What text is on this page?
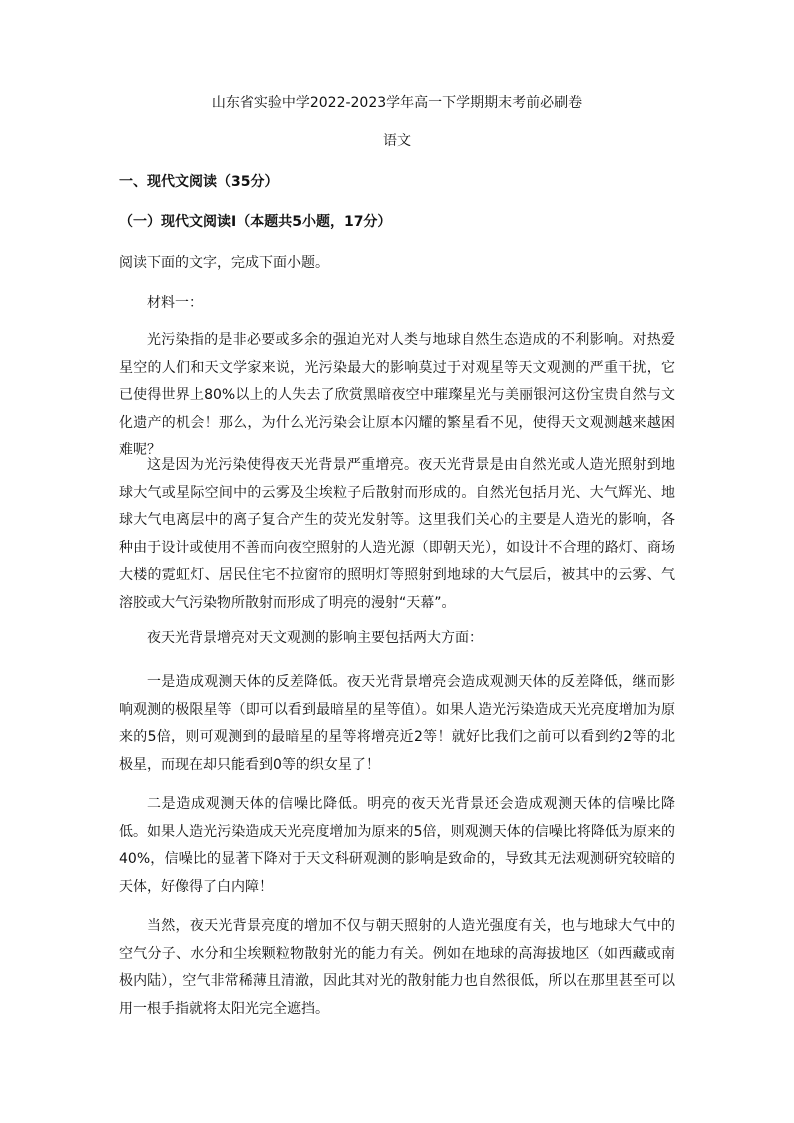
山东省实验中学2022-2023学年高一下学期期末考前必刷卷
语文
一、现代文阅读（35分）
（一）现代文阅读Ⅰ（本题共5小题，17分）
阅读下面的文字，完成下面小题。
材料一：

光污染指的是非必要或多余的强迫光对人类与地球自然生态造成的不利影响。对热爱星空的人们和天文学家来说，光污染最大的影响莫过于对观星等天文观测的严重干扰，它已使得世界上80%以上的人失去了欣赏黑暗夜空中璀璨星光与美丽银河这份宝贵自然与文化遗产的机会！那么，为什么光污染会让原本闪耀的繁星看不见，使得天文观测越来越困难呢？

这是因为光污染使得夜天光背景严重增亮。夜天光背景是由自然光或人造光照射到地球大气或星际空间中的云雾及尘埃粒子后散射而形成的。自然光包括月光、大气辉光、地球大气电离层中的离子复合产生的荧光发射等。这里我们关心的主要是人造光的影响，各种由于设计或使用不善而向夜空照射的人造光源（即朝天光），如设计不合理的路灯、商场大楼的霓虹灯、居民住宅不拉窗帘的照明灯等照射到地球的大气层后，被其中的云雾、气溶胶或大气污染物所散射而形成了明亮的漫射“天幕”。

夜天光背景增亮对天文观测的影响主要包括两大方面：

一是造成观测天体的反差降低。夜天光背景增亮会造成观测天体的反差降低，继而影响观测的极限星等（即可以看到最暗星的星等值）。如果人造光污染造成天光亮度增加为原来的5倍，则可观测到的最暗星的星等将增亮近2等！就好比我们之前可以看到约2等的北极星，而现在却只能看到0等的织女星了！

二是造成观测天体的信噪比降低。明亮的夜天光背景还会造成观测天体的信噪比降低。如果人造光污染造成天光亮度增加为原来的5倍，则观测天体的信噪比将降低为原来的40%，信噪比的显著下降对于天文科研观测的影响是致命的，导致其无法观测研究较暗的天体，好像得了白内障！

当然，夜天光背景亮度的增加不仅与朝天照射的人造光强度有关，也与地球大气中的空气分子、水分和尘埃颗粒物散射光的能力有关。例如在地球的高海拔地区（如西藏或南极内陆），空气非常稀薄且清澈，因此其对光的散射能力也自然很低，所以在那里甚至可以用一根手指就将太阳光完全遮挡。
